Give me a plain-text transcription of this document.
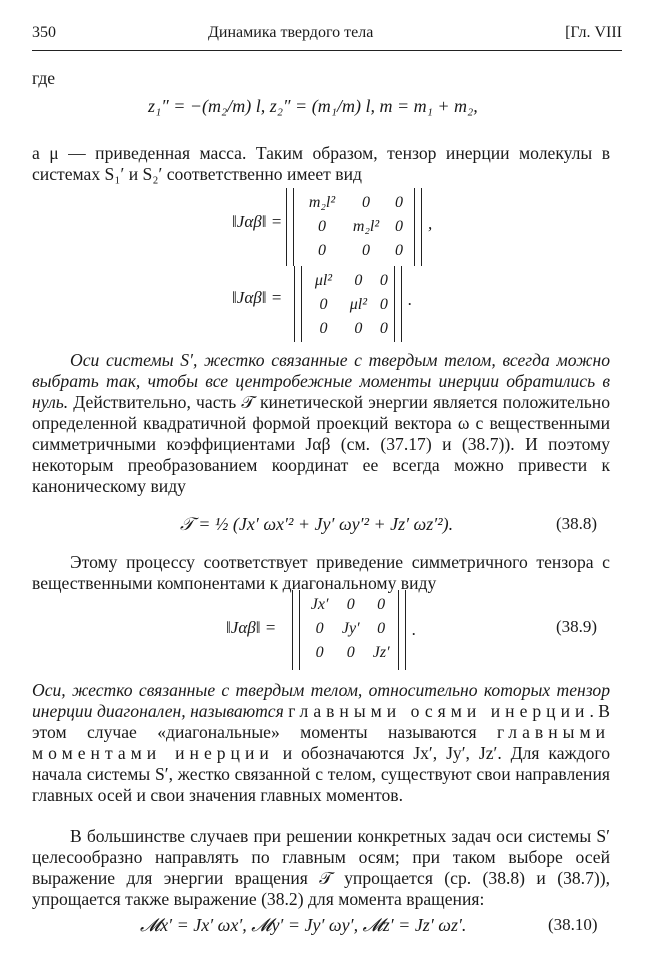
350	Динамика твердого тела	[Гл. VIII
где
z₁″ = −(m₂/m) l, z₂″ = (m₁/m) l, m = m₁ + m₂,
а μ — приведенная масса. Таким образом, тензор инерции молекулы в системах S₁′ и S₂′ соответственно имеет вид
‖Jαβ‖ =
m₂l²	0	0
0	m₂l²	0
0	0	0
,
‖Jαβ‖ =
μl²	0	0
0	μl²	0
0	0	0
.
Оси системы S′, жестко связанные с твердым телом, всегда можно выбрать так, чтобы все центробежные моменты инерции обратились в нуль. Действительно, часть 𝒯 кинетической энергии является положительно определенной квадратичной формой проекций вектора ω с вещественными симметричными коэффициентами Jαβ (см. (37.17) и (38.7)). И поэтому некоторым преобразованием координат ее всегда можно привести к каноническому виду
𝒯 = ½ (Jx′ ωx′² + Jy′ ωy′² + Jz′ ωz′²).	(38.8)
Этому процессу соответствует приведение симметричного тензора с вещественными компонентами к диагональному виду
‖Jαβ‖ =
Jx′	0	0
0	Jy′	0
0	0	Jz′
.	(38.9)
Оси, жестко связанные с твердым телом, относительно которых тензор инерции диагонален, называются главными осями инерции. В этом случае «диагональные» моменты называются главными моментами инерции и обозначаются Jx′, Jy′, Jz′. Для каждого начала системы S′, жестко связанной с телом, существуют свои направления главных осей и свои значения главных моментов.
В большинстве случаев при решении конкретных задач оси системы S′ целесообразно направлять по главным осям; при таком выборе осей выражение для энергии вращения 𝒯 упрощается (ср. (38.8) и (38.7)), упрощается также выражение (38.2) для момента вращения:
𝓜x′ = Jx′ ωx′, 𝓜y′ = Jy′ ωy′, 𝓜z′ = Jz′ ωz′.	(38.10)
